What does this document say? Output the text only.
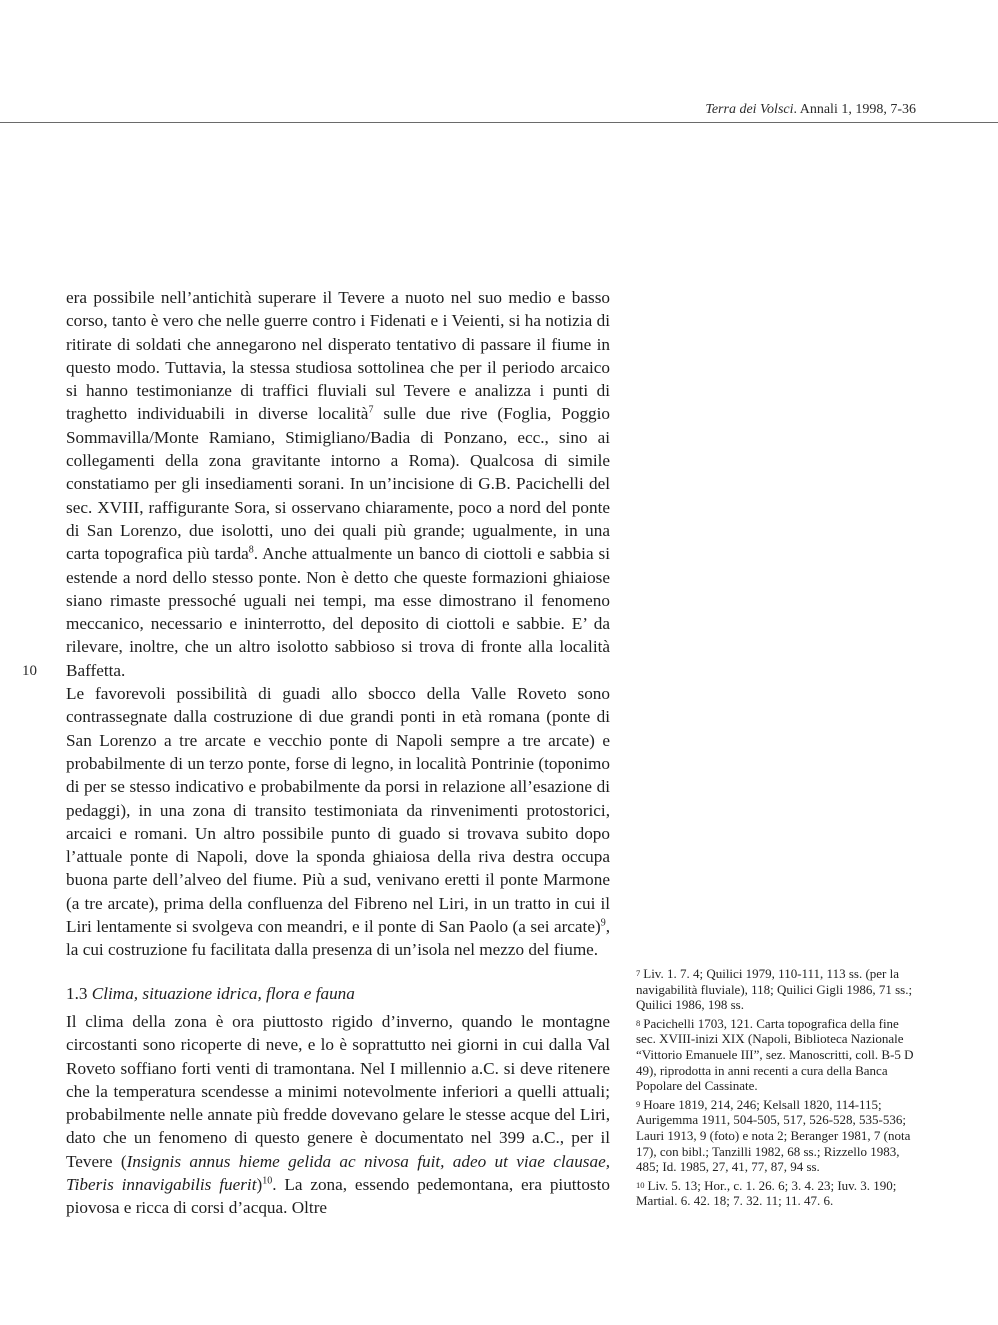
Terra dei Volsci. Annali 1, 1998, 7-36
10

era possibile nell’antichità superare il Tevere a nuoto nel suo medio e basso corso, tanto è vero che nelle guerre contro i Fidenati e i Veienti, si ha notizia di ritirate di soldati che annegarono nel disperato tentativo di passare il fiume in questo modo. Tuttavia, la stessa studiosa sottolinea che per il periodo arcaico si hanno testimonianze di traffici fluviali sul Tevere e analizza i punti di traghetto individuabili in diverse località$^7$ sulle due rive (Foglia, Poggio Sommavilla/Monte Ramiano, Stimigliano/Badia di Ponzano, ecc., sino ai collegamenti della zona gravitante intorno a Roma). Qualcosa di simile constatiamo per gli insediamenti sorani. In un’incisione di G.B. Pacichelli del sec. XVIII, raffigurante Sora, si osservano chiaramente, poco a nord del ponte di San Lorenzo, due isolotti, uno dei quali più grande; ugualmente, in una carta topografica più tarda$^8$. Anche attualmente un banco di ciottoli e sabbia si estende a nord dello stesso ponte. Non è detto che queste formazioni ghiaiose siano rimaste pressoché uguali nei tempi, ma esse dimostrano il fenomeno meccanico, necessario e ininterrotto, del deposito di ciottoli e sabbie. E’ da rilevare, inoltre, che un altro isolotto sabbioso si trova di fronte alla località Baffetta.

Le favorevoli possibilità di guadi allo sbocco della Valle Roveto sono contrassegnate dalla costruzione di due grandi ponti in età romana (ponte di San Lorenzo a tre arcate e vecchio ponte di Napoli sempre a tre arcate) e probabilmente di un terzo ponte, forse di legno, in località Pontrinie (toponimo di per se stesso indicativo e probabilmente da porsi in relazione all’esazione di pedaggi), in una zona di transito testimoniata da rinvenimenti protostorici, arcaici e romani. Un altro possibile punto di guado si trovava subito dopo l’attuale ponte di Napoli, dove la sponda ghiaiosa della riva destra occupa buona parte dell’alveo del fiume. Più a sud, venivano eretti il ponte Marmone (a tre arcate), prima della confluenza del Fibreno nel Liri, in un tratto in cui il Liri lentamente si svolgeva con meandri, e il ponte di San Paolo (a sei arcate)$^9$, la cui costruzione fu facilitata dalla presenza di un’isola nel mezzo del fiume.

1.3 Clima, situazione idrica, flora e fauna

Il clima della zona è ora piuttosto rigido d’inverno, quando le montagne circostanti sono ricoperte di neve, e lo è soprattutto nei giorni in cui dalla Val Roveto soffiano forti venti di tramontana. Nel I millennio a.C. si deve ritenere che la temperatura scendesse a minimi notevolmente inferiori a quelli attuali; probabilmente nelle annate più fredde dovevano gelare le stesse acque del Liri, dato che un fenomeno di questo genere è documentato nel 399 a.C., per il Tevere (Insignis annus hieme gelida ac nivosa fuit, adeo ut viae clausae, Tiberis innavigabilis fuerit)$^{10}$. La zona, essendo pedemontana, era piuttosto piovosa e ricca di corsi d’acqua. Oltre

$^7$ Liv. 1. 7. 4; Quilici 1979, 110-111, 113 ss. (per la navigabilità fluviale), 118; Quilici Gigli 1986, 71 ss.; Quilici 1986, 198 ss.
$^8$ Pacichelli 1703, 121. Carta topografica della fine sec. XVIII-inizi XIX (Napoli, Biblioteca Nazionale “Vittorio Emanuele III”, sez. Manoscritti, coll. B-5 D 49), riprodotta in anni recenti a cura della Banca Popolare del Cassinate.
$^9$ Hoare 1819, 214, 246; Kelsall 1820, 114-115; Aurigemma 1911, 504-505, 517, 526-528, 535-536; Lauri 1913, 9 (foto) e nota 2; Beranger 1981, 7 (nota 17), con bibl.; Tanzilli 1982, 68 ss.; Rizzello 1983, 485; Id. 1985, 27, 41, 77, 87, 94 ss.
$^{10}$ Liv. 5. 13; Hor., c. 1. 26. 6; 3. 4. 23; Iuv. 3. 190; Martial. 6. 42. 18; 7. 32. 11; 11. 47. 6.
